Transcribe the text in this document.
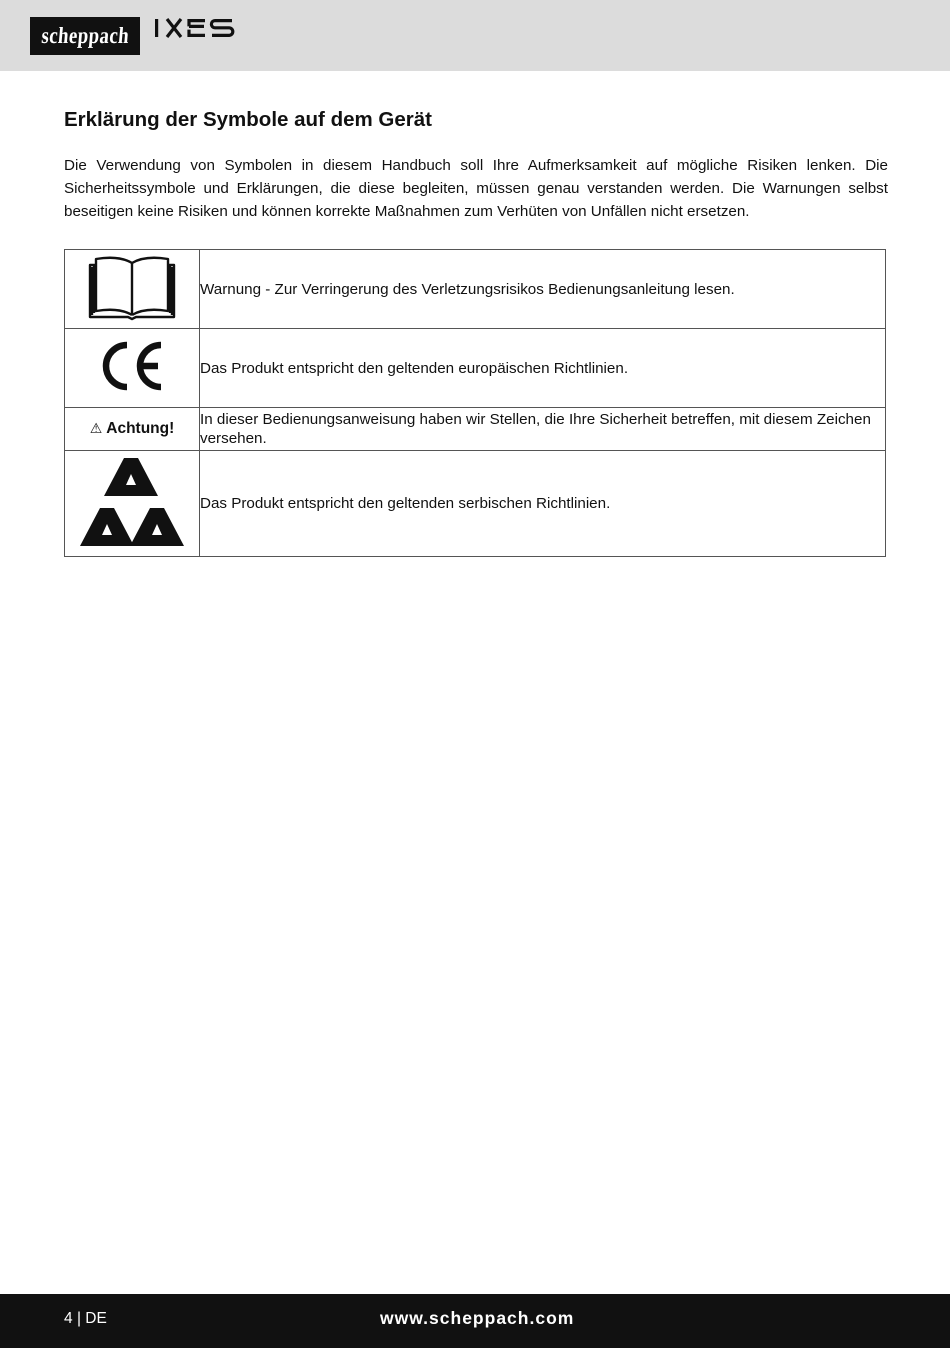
scheppach
Erklärung der Symbole auf dem Gerät

Die Verwendung von Symbolen in diesem Handbuch soll Ihre Aufmerksamkeit auf mögliche Risiken lenken. Die Sicherheitssymbole und Erklärungen, die diese begleiten, müssen genau verstanden werden. Die Warnungen selbst beseitigen keine Risiken und können korrekte Maßnahmen zum Verhüten von Unfällen nicht ersetzen.

	Warnung - Zur Verringerung des Verletzungsrisikos Bedienungsanleitung lesen.
	Das Produkt entspricht den geltenden europäischen Richtlinien.
⚠ Achtung!	In dieser Bedienungsanweisung haben wir Stellen, die Ihre Sicherheit betreffen, mit diesem Zeichen versehen.
	Das Produkt entspricht den geltenden serbischen Richtlinien.
4 | DE	www.scheppach.com
